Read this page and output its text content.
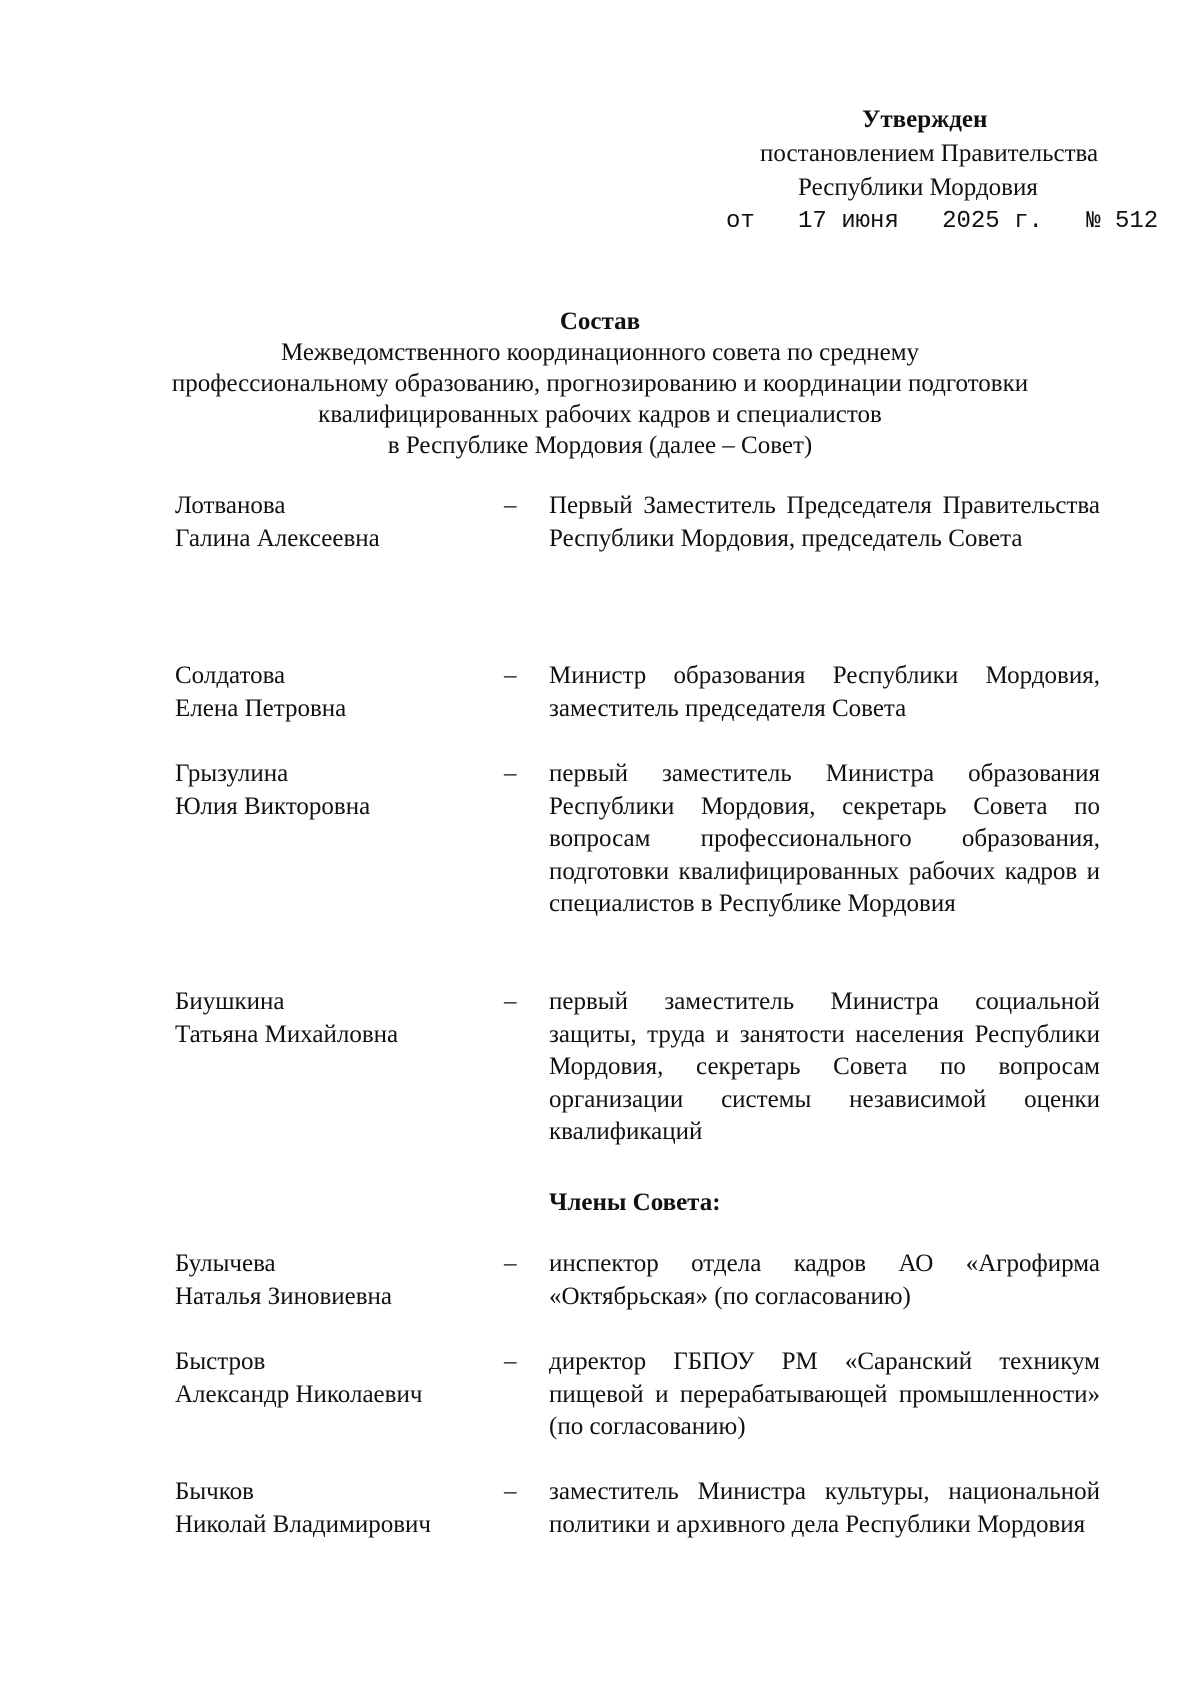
Утвержден
постановлением Правительства
Республики Мордовия
от 17 июня 2025 г. № 512
Состав
Межведомственного координационного совета по среднему
профессиональному образованию, прогнозированию и координации подготовки
квалифицированных рабочих кадров и специалистов
в Республике Мордовия (далее – Совет)
Лотванова
Галина Алексеевна
– Первый Заместитель Председателя Правительства Республики Мордовия, председатель Совета
Солдатова
Елена Петровна
– Министр образования Республики Мордовия, заместитель председателя Совета
Грызулина
Юлия Викторовна
– первый заместитель Министра образования Республики Мордовия, секретарь Совета по вопросам профессионального образования, подготовки квалифицированных рабочих кадров и специалистов в Республике Мордовия
Биушкина
Татьяна Михайловна
– первый заместитель Министра социальной защиты, труда и занятости населения Республики Мордовия, секретарь Совета по вопросам организации системы независимой оценки квалификаций
Члены Совета:
Булычева
Наталья Зиновиевна
– инспектор отдела кадров АО «Агрофирма «Октябрьская» (по согласованию)
Быстров
Александр Николаевич
– директор ГБПОУ РМ «Саранский техникум пищевой и перерабатывающей промышленности» (по согласованию)
Бычков
Николай Владимирович
– заместитель Министра культуры, национальной политики и архивного дела Республики Мордовия
